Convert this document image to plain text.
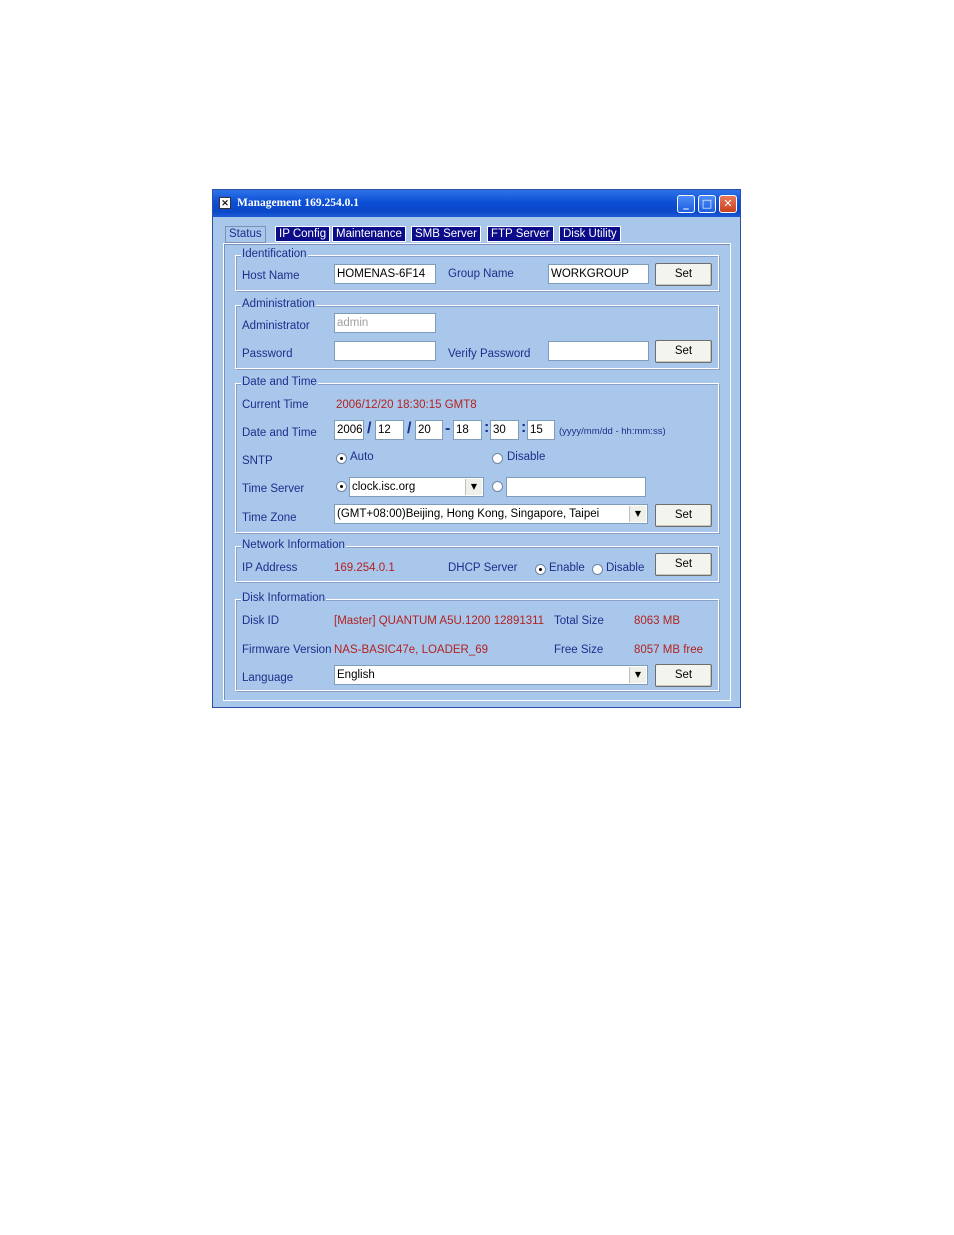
✕ Management 169.254.0.1	_	□	✕
Status	IP Config Maintenance	SMB Server	FTP Server	Disk Utility
Identification
Host Name	HOMENAS-6F14	Group Name	WORKGROUP	Set
Administration
Administrator admin
Password	Verify Password	Set
Date and Time
Current Time 2006/12/20 18:30:15 GMT8
Date and Time 2006 / 12	/ 20 - 18 : 30 : 15	(yyyy/mm/dd - hh:mm:ss)
SNTP	Auto	Disable
Time Server	clock.isc.org	▼
Time Zone	(GMT+08:00)Beijing, Hong Kong, Singapore, Taipei	▼	Set
Network Information
IP Address	169.254.0.1	DHCP Server	Enable Disable	Set
Disk Information
Disk ID	[Master] QUANTUM A5U.1200 12891311 Total Size	8063 MB
Firmware Version NAS-BASIC47e, LOADER_69	Free Size	8057 MB free
Language	English	▼	Set
